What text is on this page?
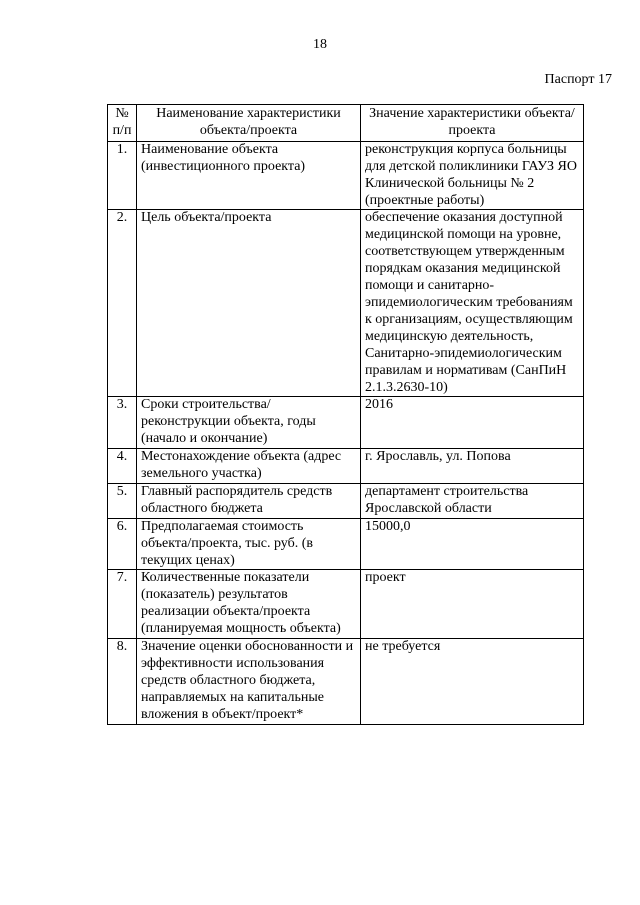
18
Паспорт 17
№ п/п	Наименование характеристики объекта/проекта	Значение характеристики объекта/проекта
1.	Наименование объекта (инвестиционного проекта)	реконструкция корпуса больницы для детской поликлиники ГАУЗ ЯО Клинической больницы № 2 (проектные работы)
2.	Цель объекта/проекта	обеспечение оказания доступной медицинской помощи на уровне, соответствующем утвержденным порядкам оказания медицинской помощи и санитарно-эпидемиологическим требованиям к организациям, осуществляющим медицинскую деятельность, Санитарно-эпидемиологическим правилам и нормативам (СанПиН 2.1.3.2630-10)
3.	Сроки строительства/реконструкции объекта, годы (начало и окончание)	2016
4.	Местонахождение объекта (адрес земельного участка)	г. Ярославль, ул. Попова
5.	Главный распорядитель средств областного бюджета	департамент строительства Ярославской области
6.	Предполагаемая стоимость объекта/проекта, тыс. руб. (в текущих ценах)	15000,0
7.	Количественные показатели (показатель) результатов реализации объекта/проекта (планируемая мощность объекта)	проект
8.	Значение оценки обоснованности и эффективности использования средств областного бюджета, направляемых на капитальные вложения в объект/проект*	не требуется
